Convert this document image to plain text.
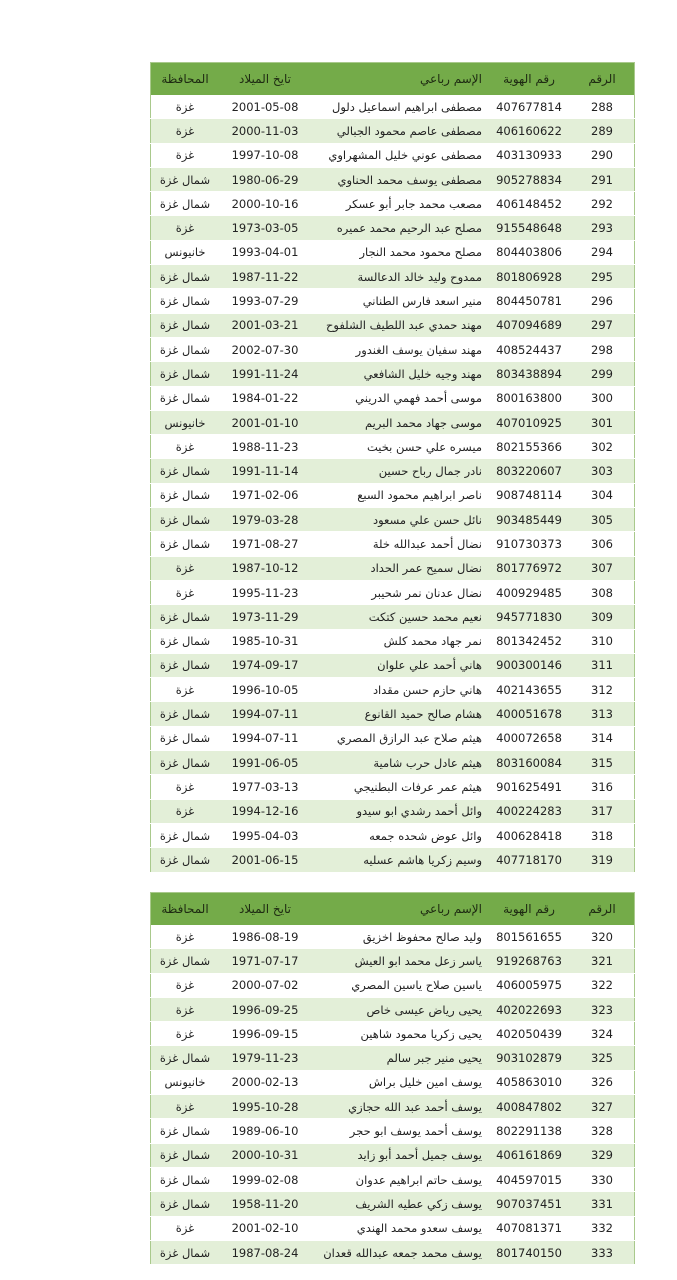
الرقم	رقم الهوية	الإسم رباعي	تايخ الميلاد	المحافظة
288	407677814	مصطفى ابراهيم اسماعيل دلول	2001-05-08	غزة
289	406160622	مصطفى عاصم محمود الجبالي	2000-11-03	غزة
290	403130933	مصطفى عوني خليل المشهراوي	1997-10-08	غزة
291	905278834	مصطفى يوسف محمد الحناوي	1980-06-29	شمال غزة
292	406148452	مصعب محمد جابر أبو عسكر	2000-10-16	شمال غزة
293	915548648	مصلح عبد الرحيم محمد عميره	1973-03-05	غزة
294	804403806	مصلح محمود محمد النجار	1993-04-01	خانيونس
295	801806928	ممدوح وليد خالد الدعالسة	1987-11-22	شمال غزة
296	804450781	منير اسعد فارس الطناني	1993-07-29	شمال غزة
297	407094689	مهند حمدي عبد اللطيف الشلفوح	2001-03-21	شمال غزة
298	408524437	مهند سفيان يوسف الغندور	2002-07-30	شمال غزة
299	803438894	مهند وجيه خليل الشافعي	1991-11-24	شمال غزة
300	800163800	موسى أحمد فهمي الدريني	1984-01-22	شمال غزة
301	407010925	موسى جهاد محمد البريم	2001-01-10	خانيونس
302	802155366	ميسره علي حسن بخيت	1988-11-23	غزة
303	803220607	نادر جمال رباح حسين	1991-11-14	شمال غزة
304	908748114	ناصر ابراهيم محمود السبع	1971-02-06	شمال غزة
305	903485449	نائل حسن علي مسعود	1979-03-28	شمال غزة
306	910730373	نضال أحمد عبدالله خلة	1971-08-27	شمال غزة
307	801776972	نضال سميح عمر الحداد	1987-10-12	غزة
308	400929485	نضال عدنان نمر شحيبر	1995-11-23	غزة
309	945771830	نعيم محمد حسين كتكت	1973-11-29	شمال غزة
310	801342452	نمر جهاد محمد كلش	1985-10-31	شمال غزة
311	900300146	هاني أحمد علي علوان	1974-09-17	شمال غزة
312	402143655	هاني حازم حسن مقداد	1996-10-05	غزة
313	400051678	هشام صالح حميد القانوع	1994-07-11	شمال غزة
314	400072658	هيثم صلاح عبد الرازق المصري	1994-07-11	شمال غزة
315	803160084	هيثم عادل حرب شامية	1991-06-05	شمال غزة
316	901625491	هيثم عمر عرفات البطنيجي	1977-03-13	غزة
317	400224283	وائل أحمد رشدي ابو سيدو	1994-12-16	غزة
318	400628418	وائل عوض شحده جمعه	1995-04-03	شمال غزة
319	407718170	وسيم زكريا هاشم عسليه	2001-06-15	شمال غزة
الرقم	رقم الهوية	الإسم رباعي	تايخ الميلاد	المحافظة
320	801561655	وليد صالح محفوظ اخزيق	1986-08-19	غزة
321	919268763	ياسر زعل محمد ابو العيش	1971-07-17	شمال غزة
322	406005975	ياسين صلاح ياسين المصري	2000-07-02	غزة
323	402022693	يحيى رياض عيسى خاص	1996-09-25	غزة
324	402050439	يحيى زكريا محمود شاهين	1996-09-15	غزة
325	903102879	يحيى منير جبر سالم	1979-11-23	شمال غزة
326	405863010	يوسف امين خليل براش	2000-02-13	خانيونس
327	400847802	يوسف أحمد عبد الله حجازي	1995-10-28	غزة
328	802291138	يوسف أحمد يوسف ابو حجر	1989-06-10	شمال غزة
329	406161869	يوسف جميل أحمد أبو زايد	2000-10-31	شمال غزة
330	404597015	يوسف حاتم ابراهيم عدوان	1999-02-08	شمال غزة
331	907037451	يوسف زكي عطيه الشريف	1958-11-20	شمال غزة
332	407081371	يوسف سعدو محمد الهندي	2001-02-10	غزة
333	801740150	يوسف محمد جمعه عبدالله قعدان	1987-08-24	شمال غزة
